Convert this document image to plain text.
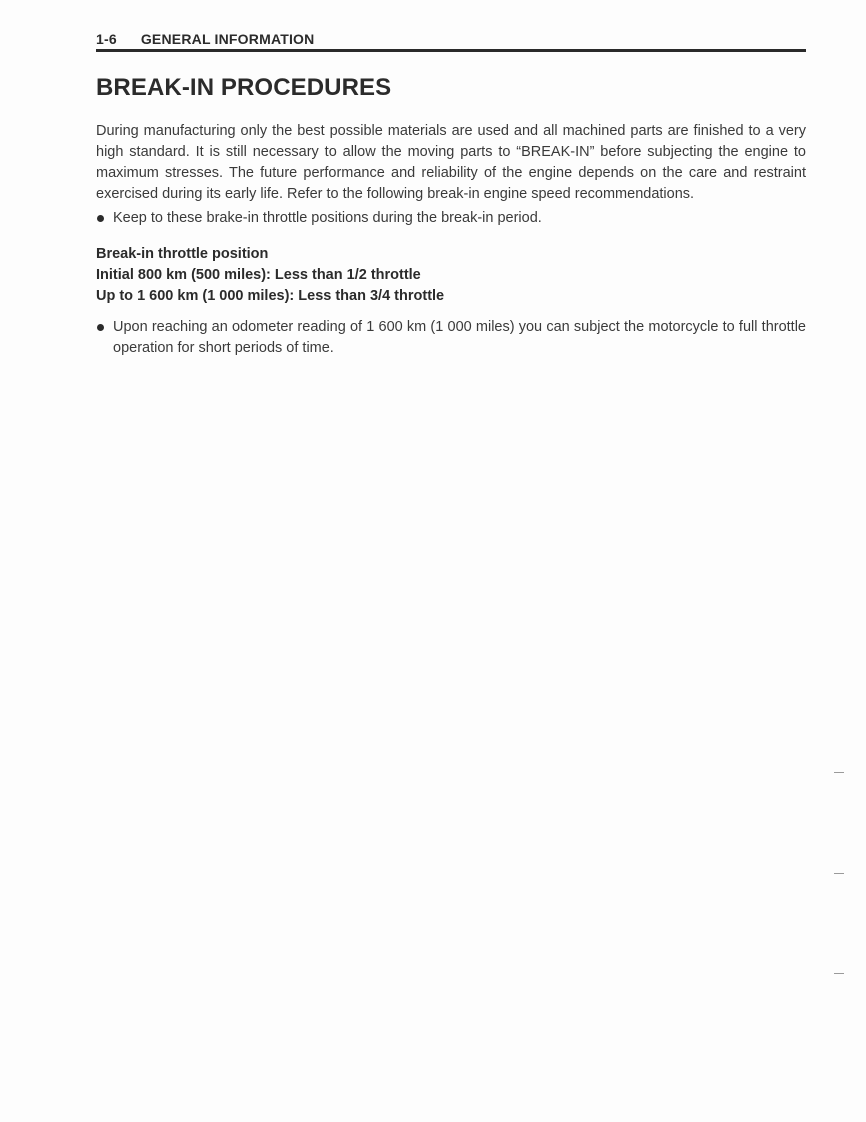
1-6 GENERAL INFORMATION
BREAK-IN PROCEDURES

During manufacturing only the best possible materials are used and all machined parts are finished to a very high standard. It is still necessary to allow the moving parts to “BREAK-IN” before subjecting the engine to maximum stresses. The future performance and reliability of the engine depends on the care and restraint exercised during its early life. Refer to the following break-in engine speed recommendations.

Keep to these brake-in throttle positions during the break-in period.
Break-in throttle position
Initial 800 km (500 miles): Less than 1/2 throttle
Up to 1 600 km (1 000 miles): Less than 3/4 throttle
Upon reaching an odometer reading of 1 600 km (1 000 miles) you can subject the motorcycle to full throttle operation for short periods of time.
